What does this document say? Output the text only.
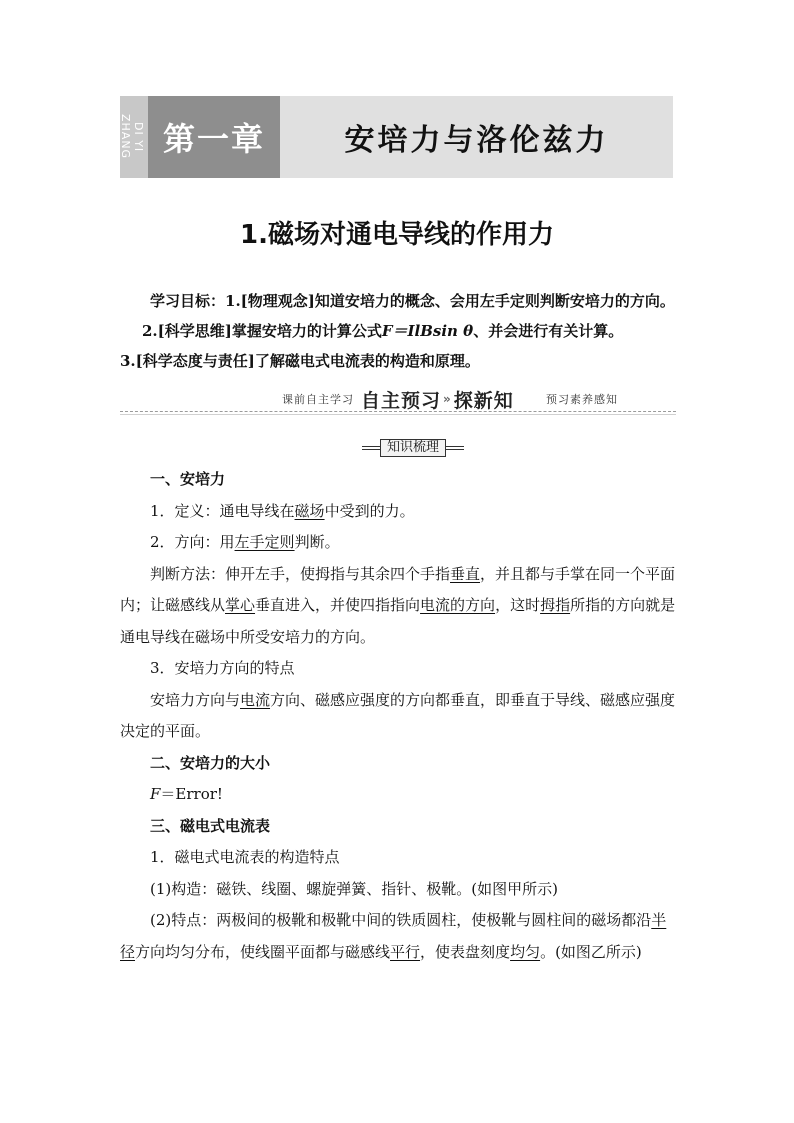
DI YI ZHANG 第一章	安培力与洛伦兹力
1.磁场对通电导线的作用力

学习目标：1.[物理观念]知道安培力的概念、会用左手定则判断安培力的方向。2.[科学思维]掌握安培力的计算公式F＝IlBsin θ、并会进行有关计算。

3.[科学态度与责任]了解磁电式电流表的构造和原理。

课前自主学习 自主预习 » 探新知	预习素养感知
知识梳理

一、安培力

1．定义：通电导线在磁场中受到的力。

2．方向：用左手定则判断。

判断方法：伸开左手，使拇指与其余四个手指垂直，并且都与手掌在同一个平面内；让磁感线从掌心垂直进入，并使四指指向电流的方向，这时拇指所指的方向就是通电导线在磁场中所受安培力的方向。

3．安培力方向的特点

安培力方向与电流方向、磁感应强度的方向都垂直，即垂直于导线、磁感应强度决定的平面。

二、安培力的大小

F＝Error!

三、磁电式电流表

1．磁电式电流表的构造特点

(1)构造：磁铁、线圈、螺旋弹簧、指针、极靴。(如图甲所示)

(2)特点：两极间的极靴和极靴中间的铁质圆柱，使极靴与圆柱间的磁场都沿半径方向均匀分布，使线圈平面都与磁感线平行，使表盘刻度均匀。(如图乙所示)
